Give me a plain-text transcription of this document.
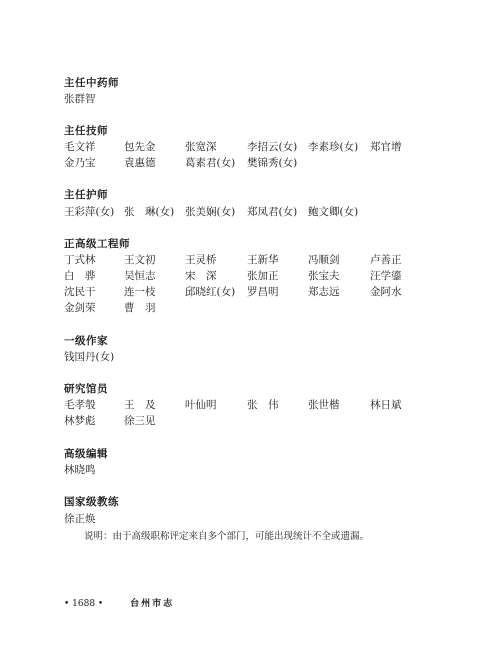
主任中药师
张群智
主任技师
毛文祥	包先金	张宽深	李招云(女) 李素珍(女) 郑官增
金乃宝	袁惠德	葛素君(女) 樊锦秀(女)
主任护师
王彩萍(女) 张　琳(女) 张美娴(女) 郑凤君(女) 鲍文卿(女)
正高级工程师
丁式林	王文初	王灵桥	王新华	冯顺剑	卢善正
白　骅	吴恒志	宋　深	张加正	张宝夫	汪学鎏
沈民干	连一枝	邱晓红(女) 罗昌明	郑志远	金阿水
金剑荣	曹　羽
一级作家
钱国丹(女)
研究馆员
毛孝彀	王　及	叶仙明	张　伟	张世楷	林日斌
林梦彪	徐三见
高级编辑
林晓鸣
国家级教练
徐正焕
说明：由于高级职称评定来自多个部门，可能出现统计不全或遗漏。
• 1688 •	台州市志
